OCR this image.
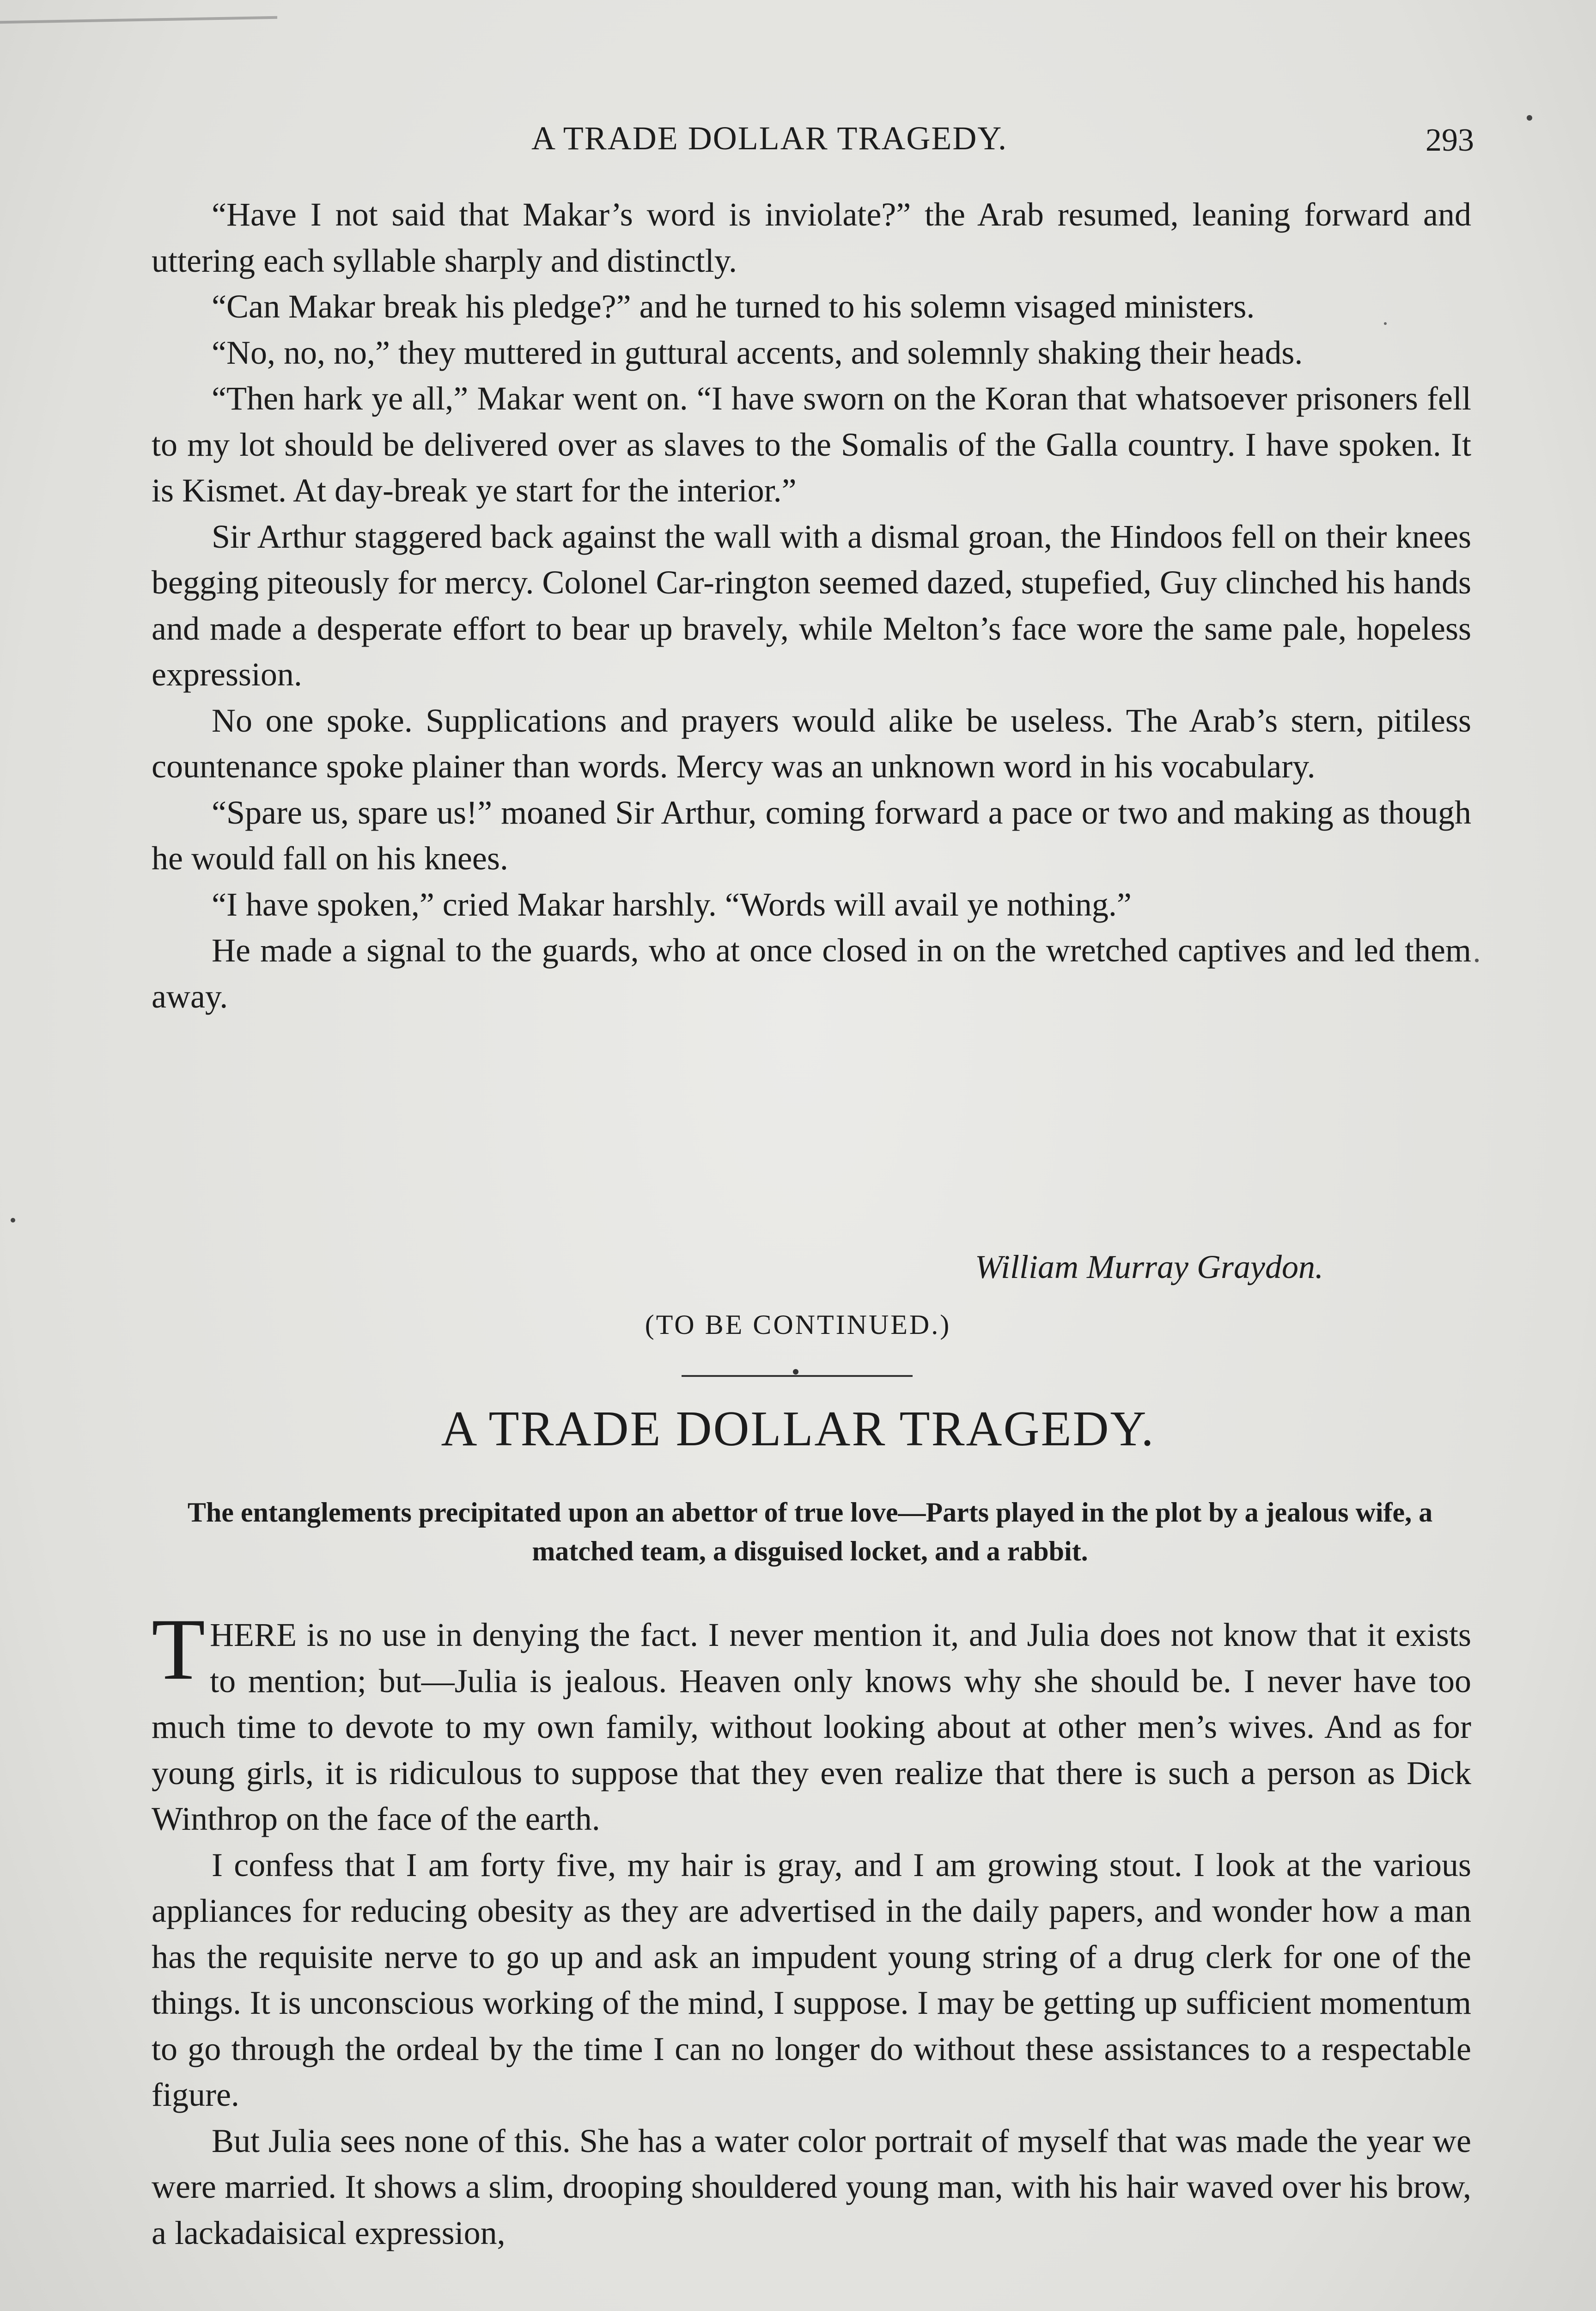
A TRADE DOLLAR TRAGEDY.	293

“Have I not said that Makar’s word is inviolate?” the Arab resumed, leaning forward and uttering each syllable sharply and distinctly.

“Can Makar break his pledge?” and he turned to his solemn visaged ministers.

“No, no, no,” they muttered in guttural accents, and solemnly shaking their heads.

“Then hark ye all,” Makar went on. “I have sworn on the Koran that whatsoever prisoners fell to my lot should be delivered over as slaves to the Somalis of the Galla country. I have spoken. It is Kismet. At day-break ye start for the interior.”

Sir Arthur staggered back against the wall with a dismal groan, the Hindoos fell on their knees begging piteously for mercy. Colonel Car-rington seemed dazed, stupefied, Guy clinched his hands and made a desperate effort to bear up bravely, while Melton’s face wore the same pale, hopeless expression.

No one spoke. Supplications and prayers would alike be useless. The Arab’s stern, pitiless countenance spoke plainer than words. Mercy was an unknown word in his vocabulary.

“Spare us, spare us!” moaned Sir Arthur, coming forward a pace or two and making as though he would fall on his knees.

“I have spoken,” cried Makar harshly. “Words will avail ye nothing.”

He made a signal to the guards, who at once closed in on the wretched captives and led them away.

William Murray Graydon.
(TO BE CONTINUED.)
A TRADE DOLLAR TRAGEDY.
The entanglements precipitated upon an abettor of true love—Parts played in the plot by a jealous wife, a matched team, a disguised locket, and a rabbit.

THERE is no use in denying the fact. I never mention it, and Julia does not know that it exists to mention; but—Julia is jealous. Heaven only knows why she should be. I never have too much time to devote to my own family, without looking about at other men’s wives. And as for young girls, it is ridiculous to suppose that they even realize that there is such a person as Dick Winthrop on the face of the earth.

I confess that I am forty five, my hair is gray, and I am growing stout. I look at the various appliances for reducing obesity as they are advertised in the daily papers, and wonder how a man has the requisite nerve to go up and ask an impudent young string of a drug clerk for one of the things. It is unconscious working of the mind, I suppose. I may be getting up sufficient momentum to go through the ordeal by the time I can no longer do without these assistances to a respectable figure.

But Julia sees none of this. She has a water color portrait of myself that was made the year we were married. It shows a slim, drooping shouldered young man, with his hair waved over his brow, a lackadaisical expression,
